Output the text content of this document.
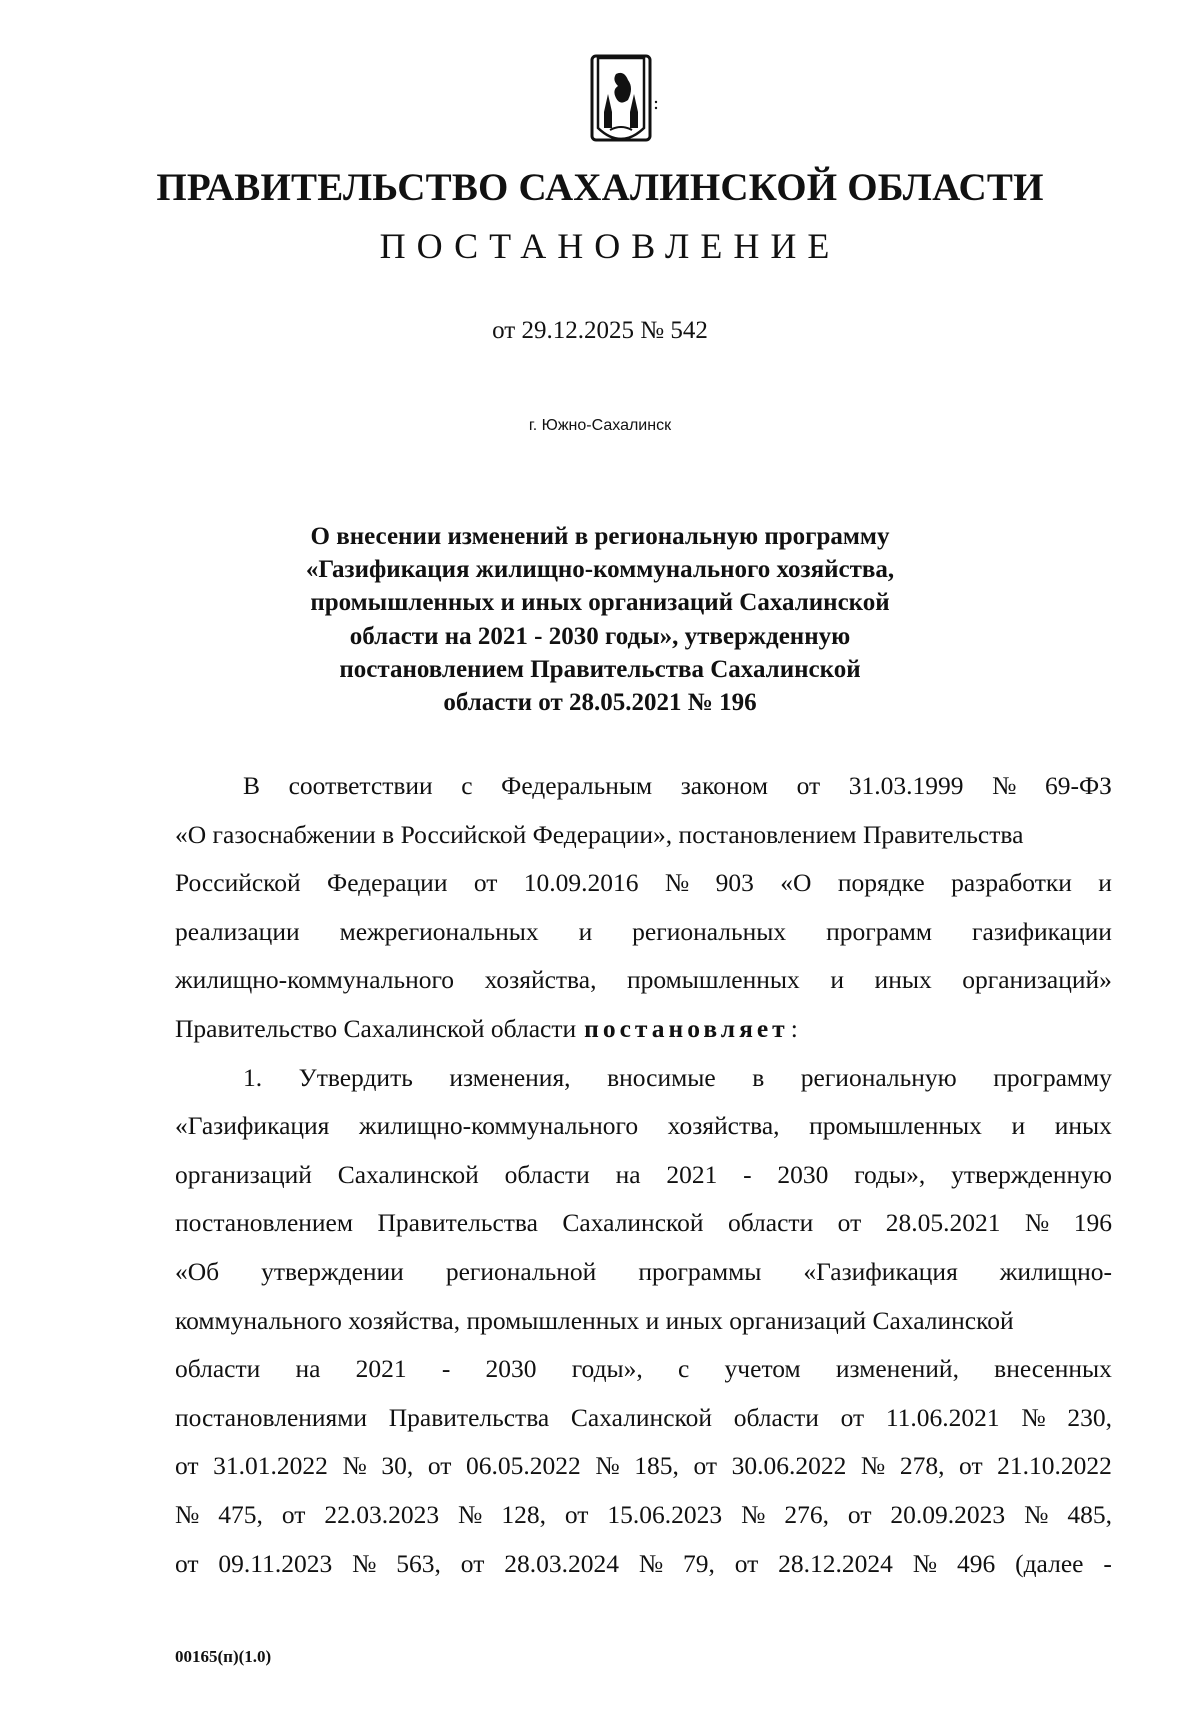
ПРАВИТЕЛЬСТВО САХАЛИНСКОЙ ОБЛАСТИ
ПОСТАНОВЛЕНИЕ
от 29.12.2025 № 542
г. Южно-Сахалинск
О внесении изменений в региональную программу
«Газификация жилищно-коммунального хозяйства,
промышленных и иных организаций Сахалинской
области на 2021 - 2030 годы», утвержденную
постановлением Правительства Сахалинской
области от 28.05.2021 № 196
В соответствии с Федеральным законом от 31.03.1999 № 69-ФЗ
«О газоснабжении в Российской Федерации», постановлением Правительства
Российской Федерации от 10.09.2016 № 903 «О порядке разработки и
реализации межрегиональных и региональных программ газификации
жилищно-коммунального хозяйства, промышленных и иных организаций»
Правительство Сахалинской области постановляет :
1. Утвердить изменения, вносимые в региональную программу
«Газификация жилищно-коммунального хозяйства, промышленных и иных
организаций Сахалинской области на 2021 - 2030 годы», утвержденную
постановлением Правительства Сахалинской области от 28.05.2021 № 196
«Об утверждении региональной программы «Газификация жилищно-
коммунального хозяйства, промышленных и иных организаций Сахалинской
области на 2021 - 2030 годы», с учетом изменений, внесенных
постановлениями Правительства Сахалинской области от 11.06.2021 № 230,
от 31.01.2022 № 30, от 06.05.2022 № 185, от 30.06.2022 № 278, от 21.10.2022
№ 475, от 22.03.2023 № 128, от 15.06.2023 № 276, от 20.09.2023 № 485,
от 09.11.2023 № 563, от 28.03.2024 № 79, от 28.12.2024 № 496 (далее -
00165(п)(1.0)
